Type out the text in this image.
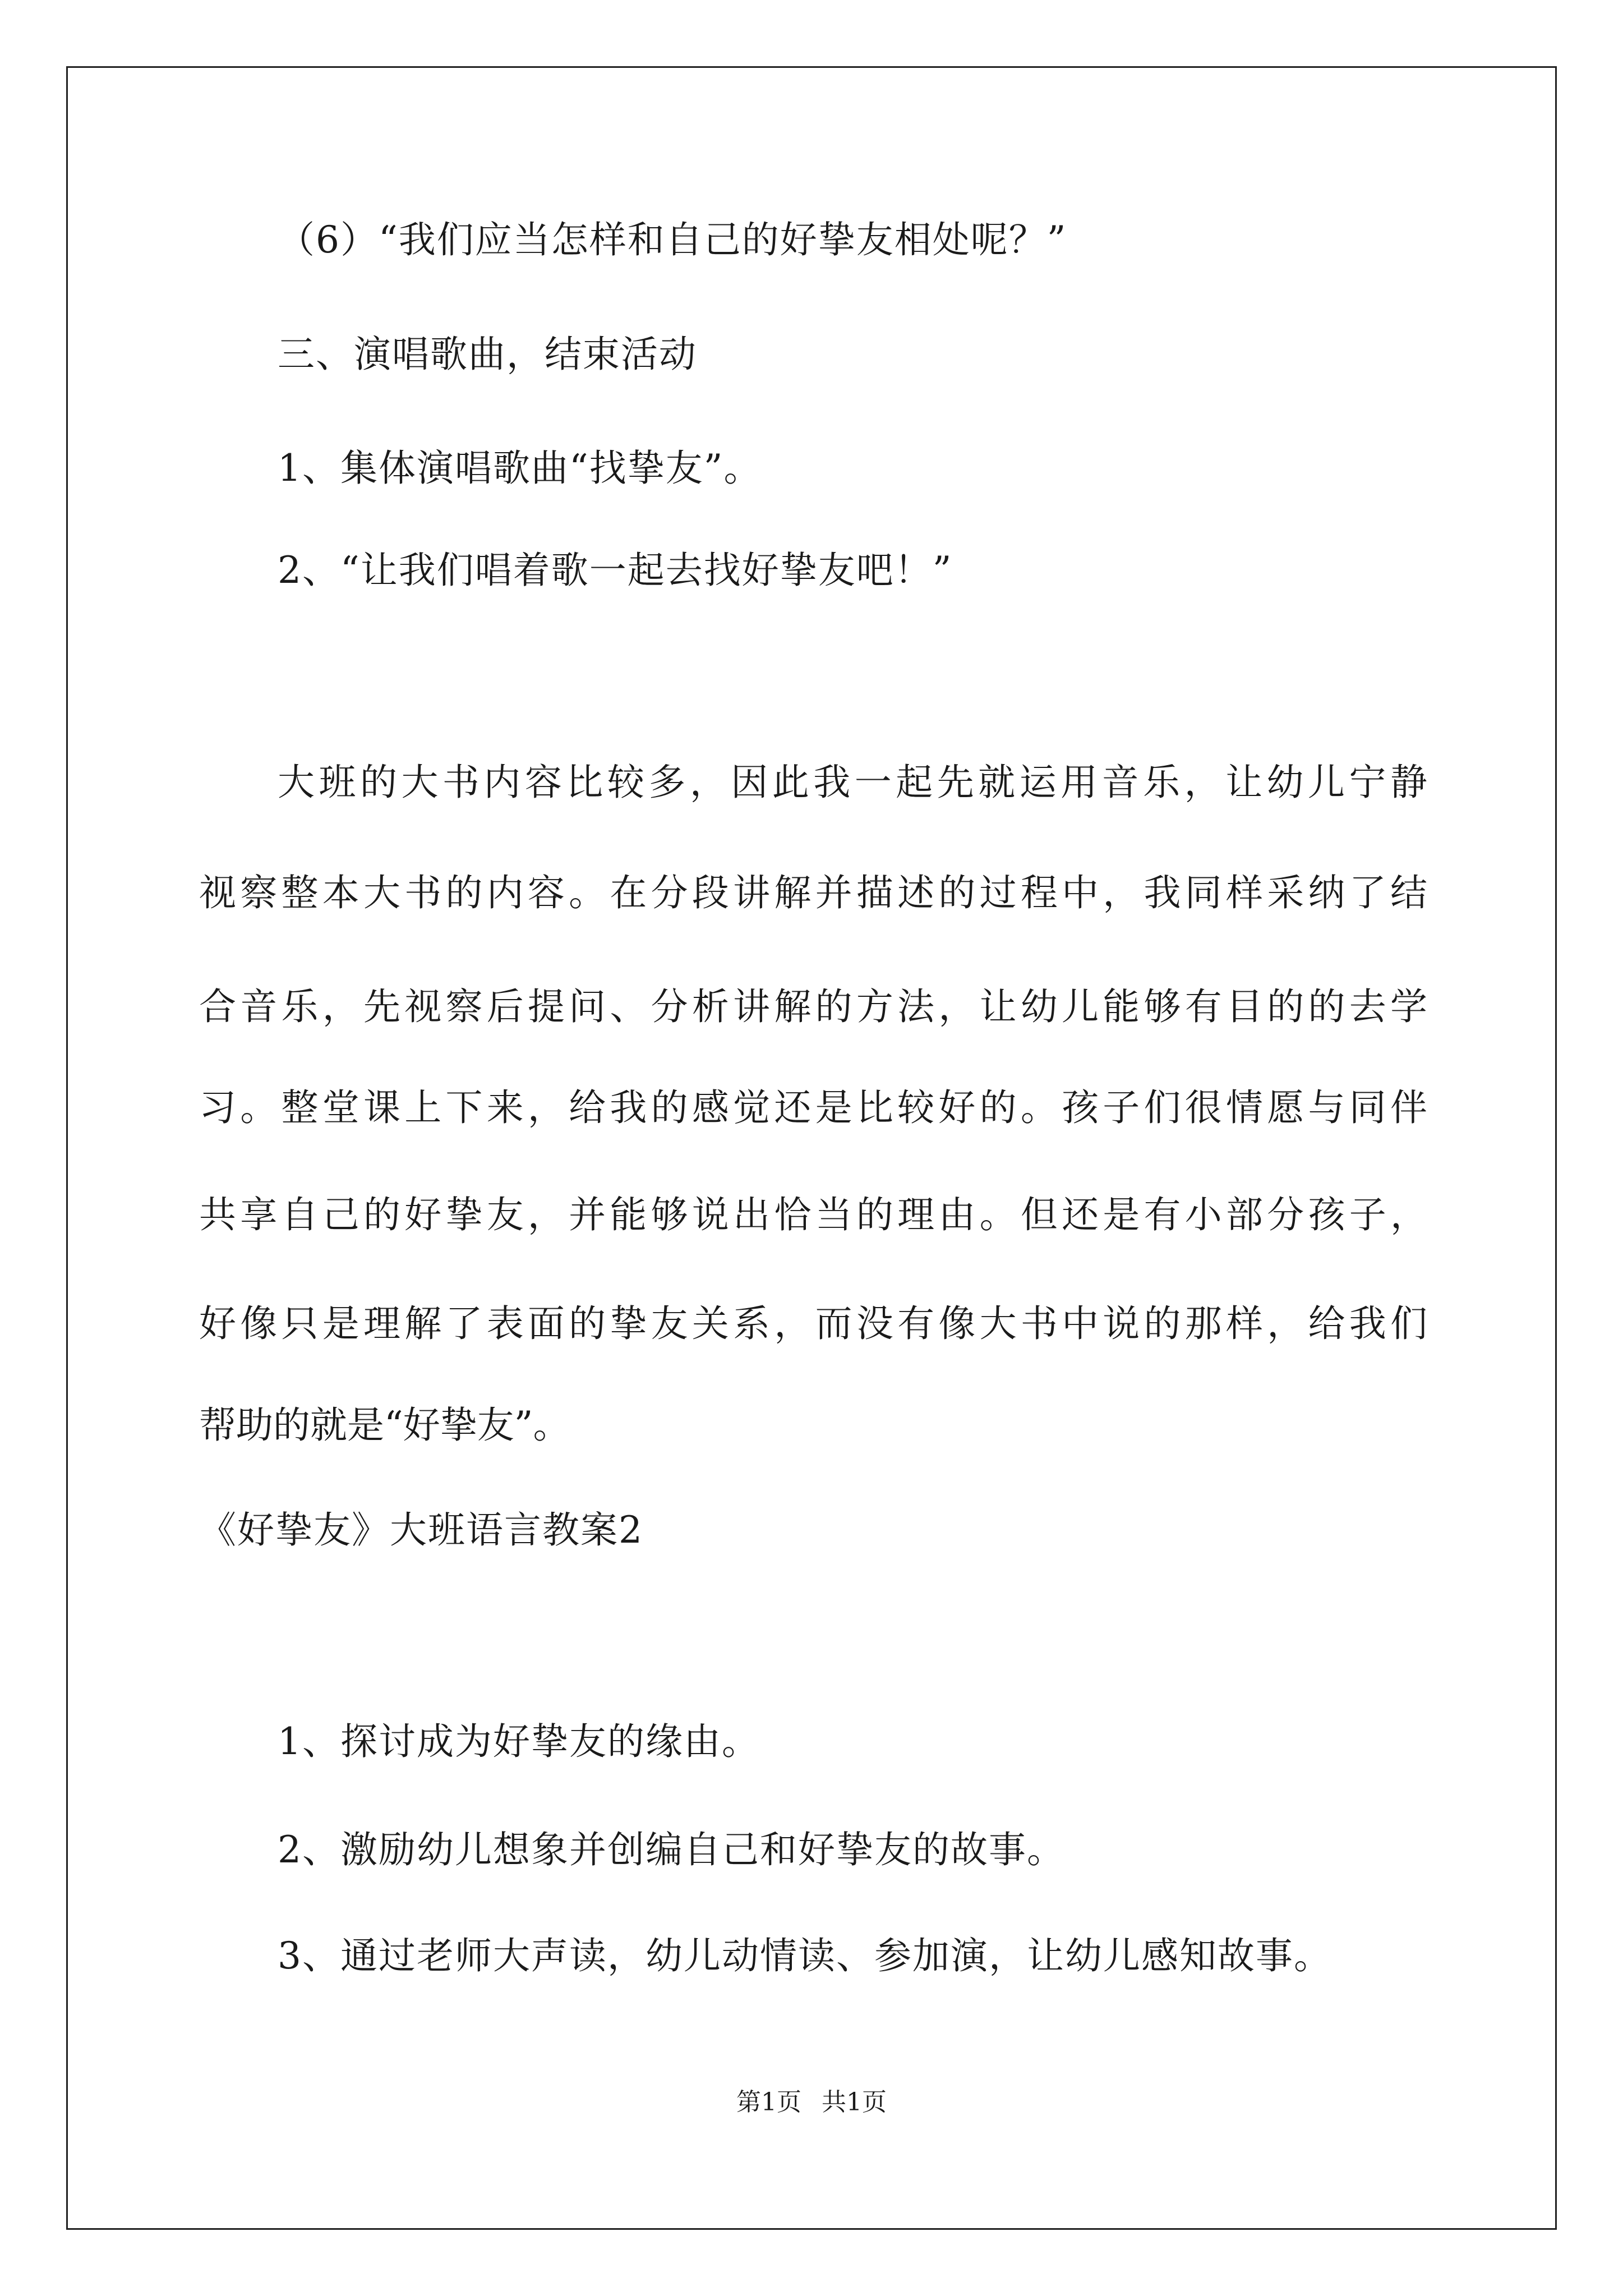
（6）“我们应当怎样和自己的好挚友相处呢？”
三、演唱歌曲，结束活动
1、集体演唱歌曲“找挚友”。
2、“让我们唱着歌一起去找好挚友吧！”
大班的大书内容比较多，因此我一起先就运用音乐，让幼儿宁静
视察整本大书的内容。在分段讲解并描述的过程中，我同样采纳了结
合音乐，先视察后提问、分析讲解的方法，让幼儿能够有目的的去学
习。整堂课上下来，给我的感觉还是比较好的。孩子们很情愿与同伴
共享自己的好挚友，并能够说出恰当的理由。但还是有小部分孩子，
好像只是理解了表面的挚友关系，而没有像大书中说的那样，给我们
帮助的就是“好挚友”。
《好挚友》大班语言教案2
1、探讨成为好挚友的缘由。
2、激励幼儿想象并创编自己和好挚友的故事。
3、通过老师大声读，幼儿动情读、参加演，让幼儿感知故事。
第1页 共1页
